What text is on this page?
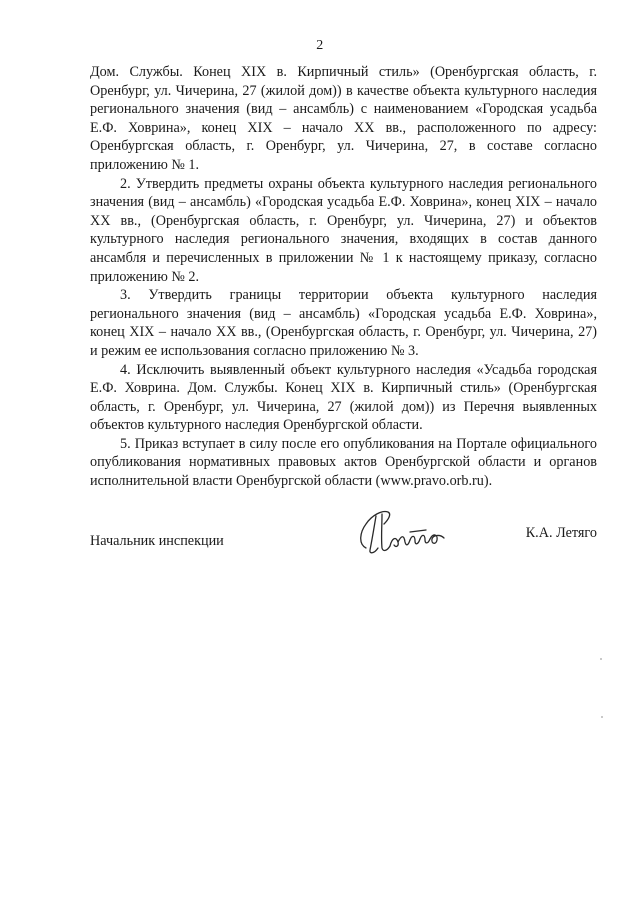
2

Дом. Службы. Конец XIX в. Кирпичный стиль» (Оренбургская область, г. Оренбург, ул. Чичерина, 27 (жилой дом)) в качестве объекта культурного наследия регионального значения (вид – ансамбль) с наименованием «Городская усадьба Е.Ф. Ховрина», конец XIX – начало XX вв., расположенного по адресу: Оренбургская область, г. Оренбург, ул. Чичерина, 27, в составе согласно приложению № 1.

2. Утвердить предметы охраны объекта культурного наследия регионального значения (вид – ансамбль) «Городская усадьба Е.Ф. Ховрина», конец XIX – начало XX вв., (Оренбургская область, г. Оренбург, ул. Чичерина, 27) и объектов культурного наследия регионального значения, входящих в состав данного ансамбля и перечисленных в приложении № 1 к настоящему приказу, согласно приложению № 2.

3. Утвердить границы территории объекта культурного наследия регионального значения (вид – ансамбль) «Городская усадьба Е.Ф. Ховрина», конец XIX – начало XX вв., (Оренбургская область, г. Оренбург, ул. Чичерина, 27) и режим ее использования согласно приложению № 3.

4. Исключить выявленный объект культурного наследия «Усадьба городская Е.Ф. Ховрина. Дом. Службы. Конец XIX в. Кирпичный стиль» (Оренбургская область, г. Оренбург, ул. Чичерина, 27 (жилой дом)) из Перечня выявленных объектов культурного наследия Оренбургской области.

5. Приказ вступает в силу после его опубликования на Портале официального опубликования нормативных правовых актов Оренбургской области и органов исполнительной власти Оренбургской области (www.pravo.orb.ru).

Начальник инспекции	К.А. Летяго
